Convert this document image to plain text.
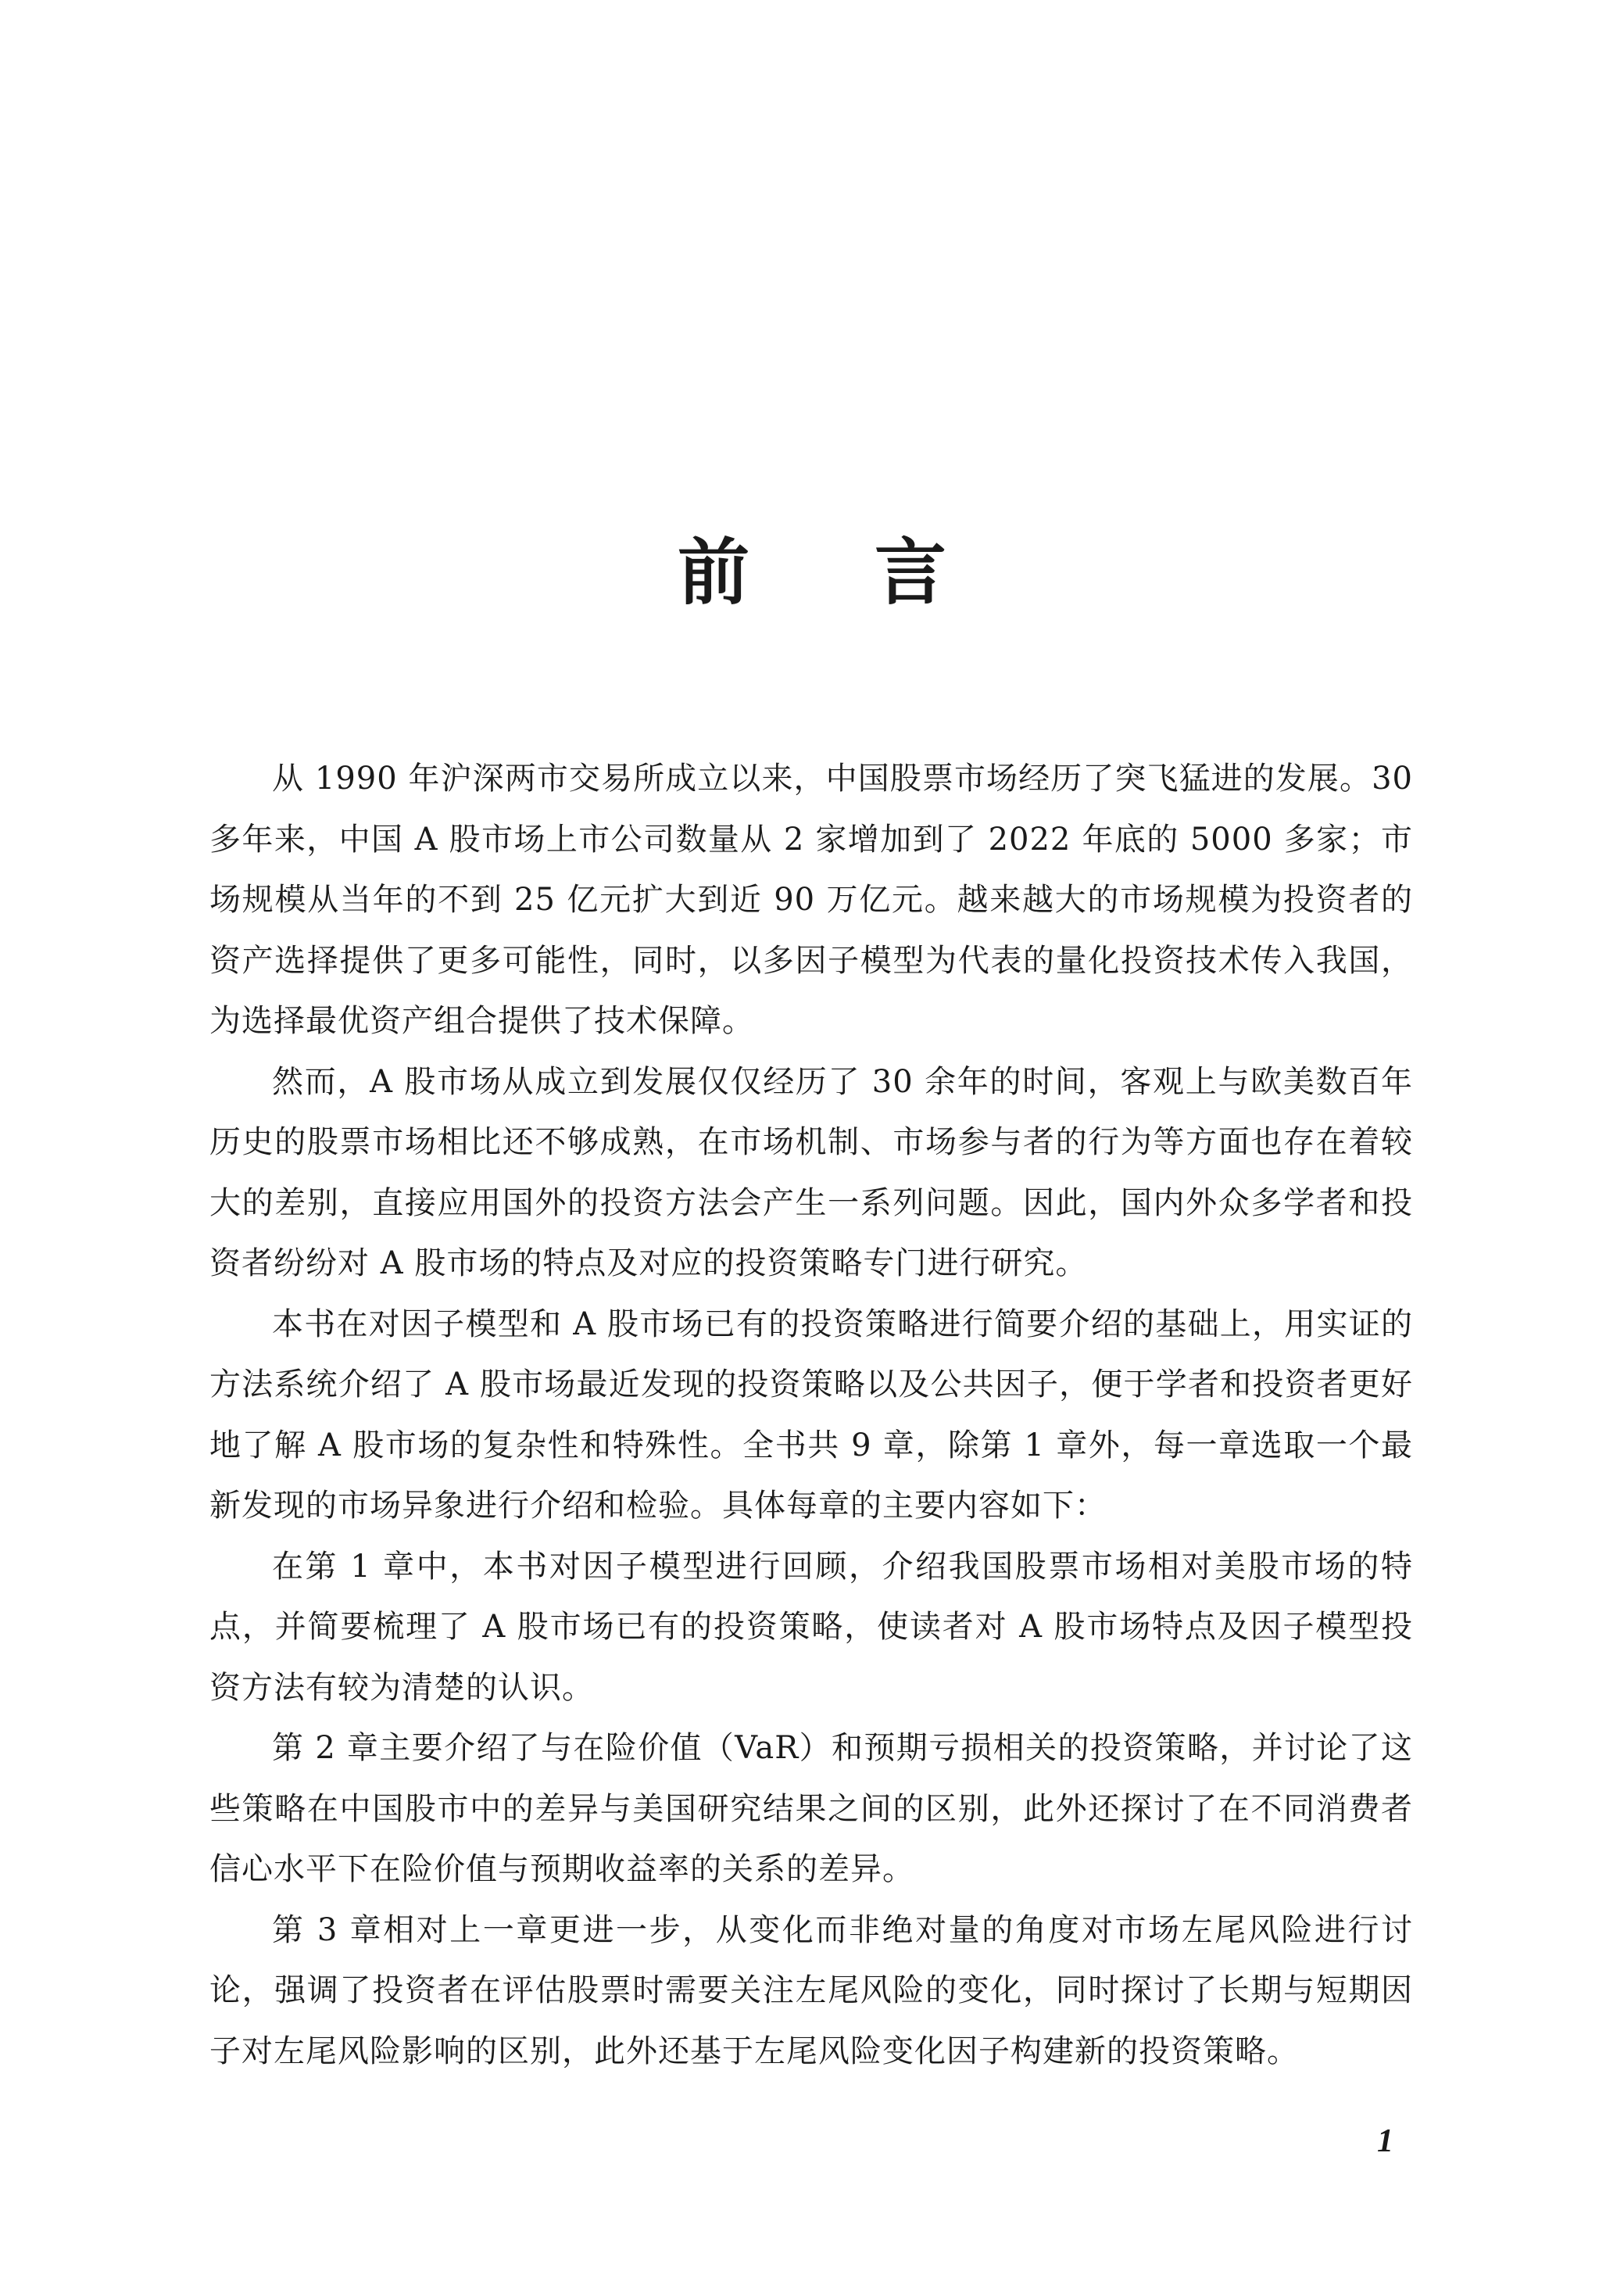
前言

从 1990 年沪深两市交易所成立以来，中国股票市场经历了突飞猛进的发展。30 多年来，中国 A 股市场上市公司数量从 2 家增加到了 2022 年底的 5000 多家；市场规模从当年的不到 25 亿元扩大到近 90 万亿元。越来越大的市场规模为投资者的资产选择提供了更多可能性，同时，以多因子模型为代表的量化投资技术传入我国，为选择最优资产组合提供了技术保障。

然而，A 股市场从成立到发展仅仅经历了 30 余年的时间，客观上与欧美数百年历史的股票市场相比还不够成熟，在市场机制、市场参与者的行为等方面也存在着较大的差别，直接应用国外的投资方法会产生一系列问题。因此，国内外众多学者和投资者纷纷对 A 股市场的特点及对应的投资策略专门进行研究。

本书在对因子模型和 A 股市场已有的投资策略进行简要介绍的基础上，用实证的方法系统介绍了 A 股市场最近发现的投资策略以及公共因子，便于学者和投资者更好地了解 A 股市场的复杂性和特殊性。全书共 9 章，除第 1 章外，每一章选取一个最新发现的市场异象进行介绍和检验。具体每章的主要内容如下：

在第 1 章中，本书对因子模型进行回顾，介绍我国股票市场相对美股市场的特点，并简要梳理了 A 股市场已有的投资策略，使读者对 A 股市场特点及因子模型投资方法有较为清楚的认识。

第 2 章主要介绍了与在险价值（VaR）和预期亏损相关的投资策略，并讨论了这些策略在中国股市中的差异与美国研究结果之间的区别，此外还探讨了在不同消费者信心水平下在险价值与预期收益率的关系的差异。

第 3 章相对上一章更进一步，从变化而非绝对量的角度对市场左尾风险进行讨论，强调了投资者在评估股票时需要关注左尾风险的变化，同时探讨了长期与短期因子对左尾风险影响的区别，此外还基于左尾风险变化因子构建新的投资策略。

1
